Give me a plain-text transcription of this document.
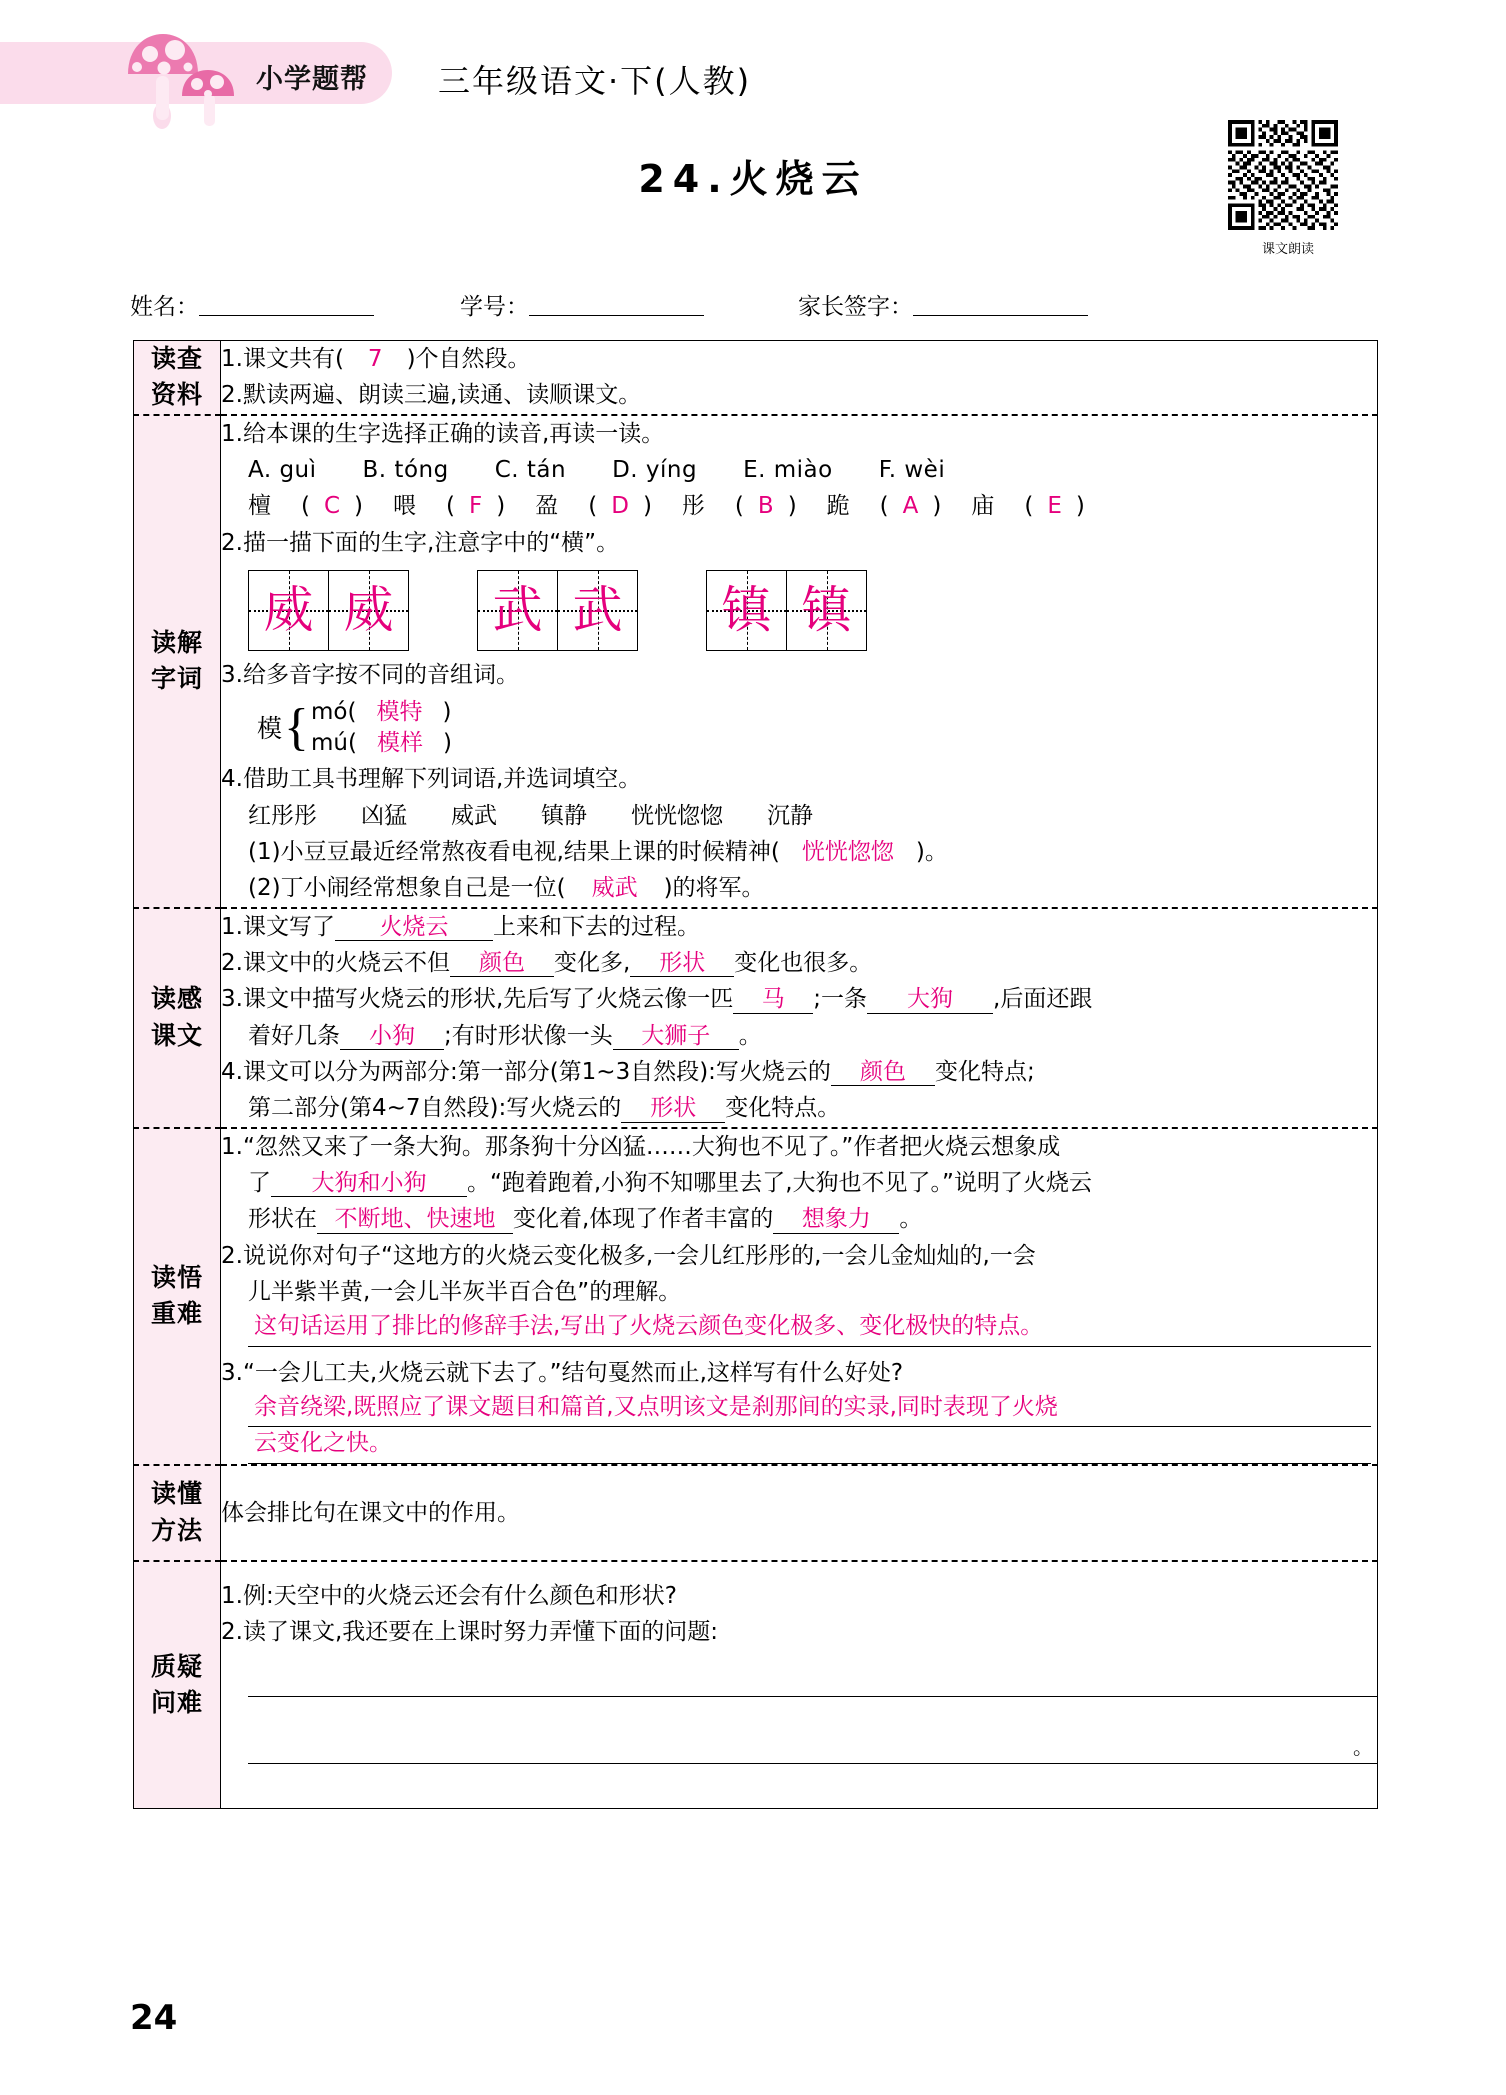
小学题帮 三年级语文·下(人教)
24.火烧云
课文朗读
姓名：	学号：	家长签字：
读查
资料

1.课文共有( 7 )个自然段。
2.默读两遍、朗读三遍,读通、读顺课文。

读解
字词

1.给本课的生字选择正确的读音,再读一读。
A. guì B. tóng C. tán D. yíng E. miào F. wèi
檀 ( C ) 喂 ( F ) 盈 ( D ) 彤 ( B ) 跪 ( A ) 庙 ( E )
2.描一描下面的生字,注意字中的“横”。
威 威 武 武 镇 镇
3.给多音字按不同的音组词。
模 { mó( 模特 )
mú( 模样 )
4.借助工具书理解下列词语,并选词填空。
红彤彤 凶猛 威武 镇静 恍恍惚惚 沉静
(1)小豆豆最近经常熬夜看电视,结果上课的时候精神( 恍恍惚惚 )。
(2)丁小闹经常想象自己是一位( 威武 )的将军。

读感
课文

1.课文写了 火烧云 上来和下去的过程。
2.课文中的火烧云不但 颜色 变化多, 形状 变化也很多。
3.课文中描写火烧云的形状,先后写了火烧云像一匹 马 ;一条 大狗 ,后面还跟
着好几条 小狗 ;有时形状像一头 大狮子 。
4.课文可以分为两部分:第一部分(第1~3自然段):写火烧云的 颜色 变化特点;
第二部分(第4~7自然段):写火烧云的 形状 变化特点。

读悟
重难

1.“忽然又来了一条大狗。那条狗十分凶猛……大狗也不见了。”作者把火烧云想象成
了 大狗和小狗 。“跑着跑着,小狗不知哪里去了,大狗也不见了。”说明了火烧云
形状在 不断地、快速地 变化着,体现了作者丰富的 想象力 。
2.说说你对句子“这地方的火烧云变化极多,一会儿红彤彤的,一会儿金灿灿的,一会
儿半紫半黄,一会儿半灰半百合色”的理解。
这句话运用了排比的修辞手法,写出了火烧云颜色变化极多、变化极快的特点。
3.“一会儿工夫,火烧云就下去了。”结句戛然而止,这样写有什么好处?
余音绕梁,既照应了课文题目和篇首,又点明该文是刹那间的实录,同时表现了火烧
云变化之快。

读懂
方法	体会排比句在课文中的作用。

质疑
问难

1.例:天空中的火烧云还会有什么颜色和形状?
2.读了课文,我还要在上课时努力弄懂下面的问题:
。
24
